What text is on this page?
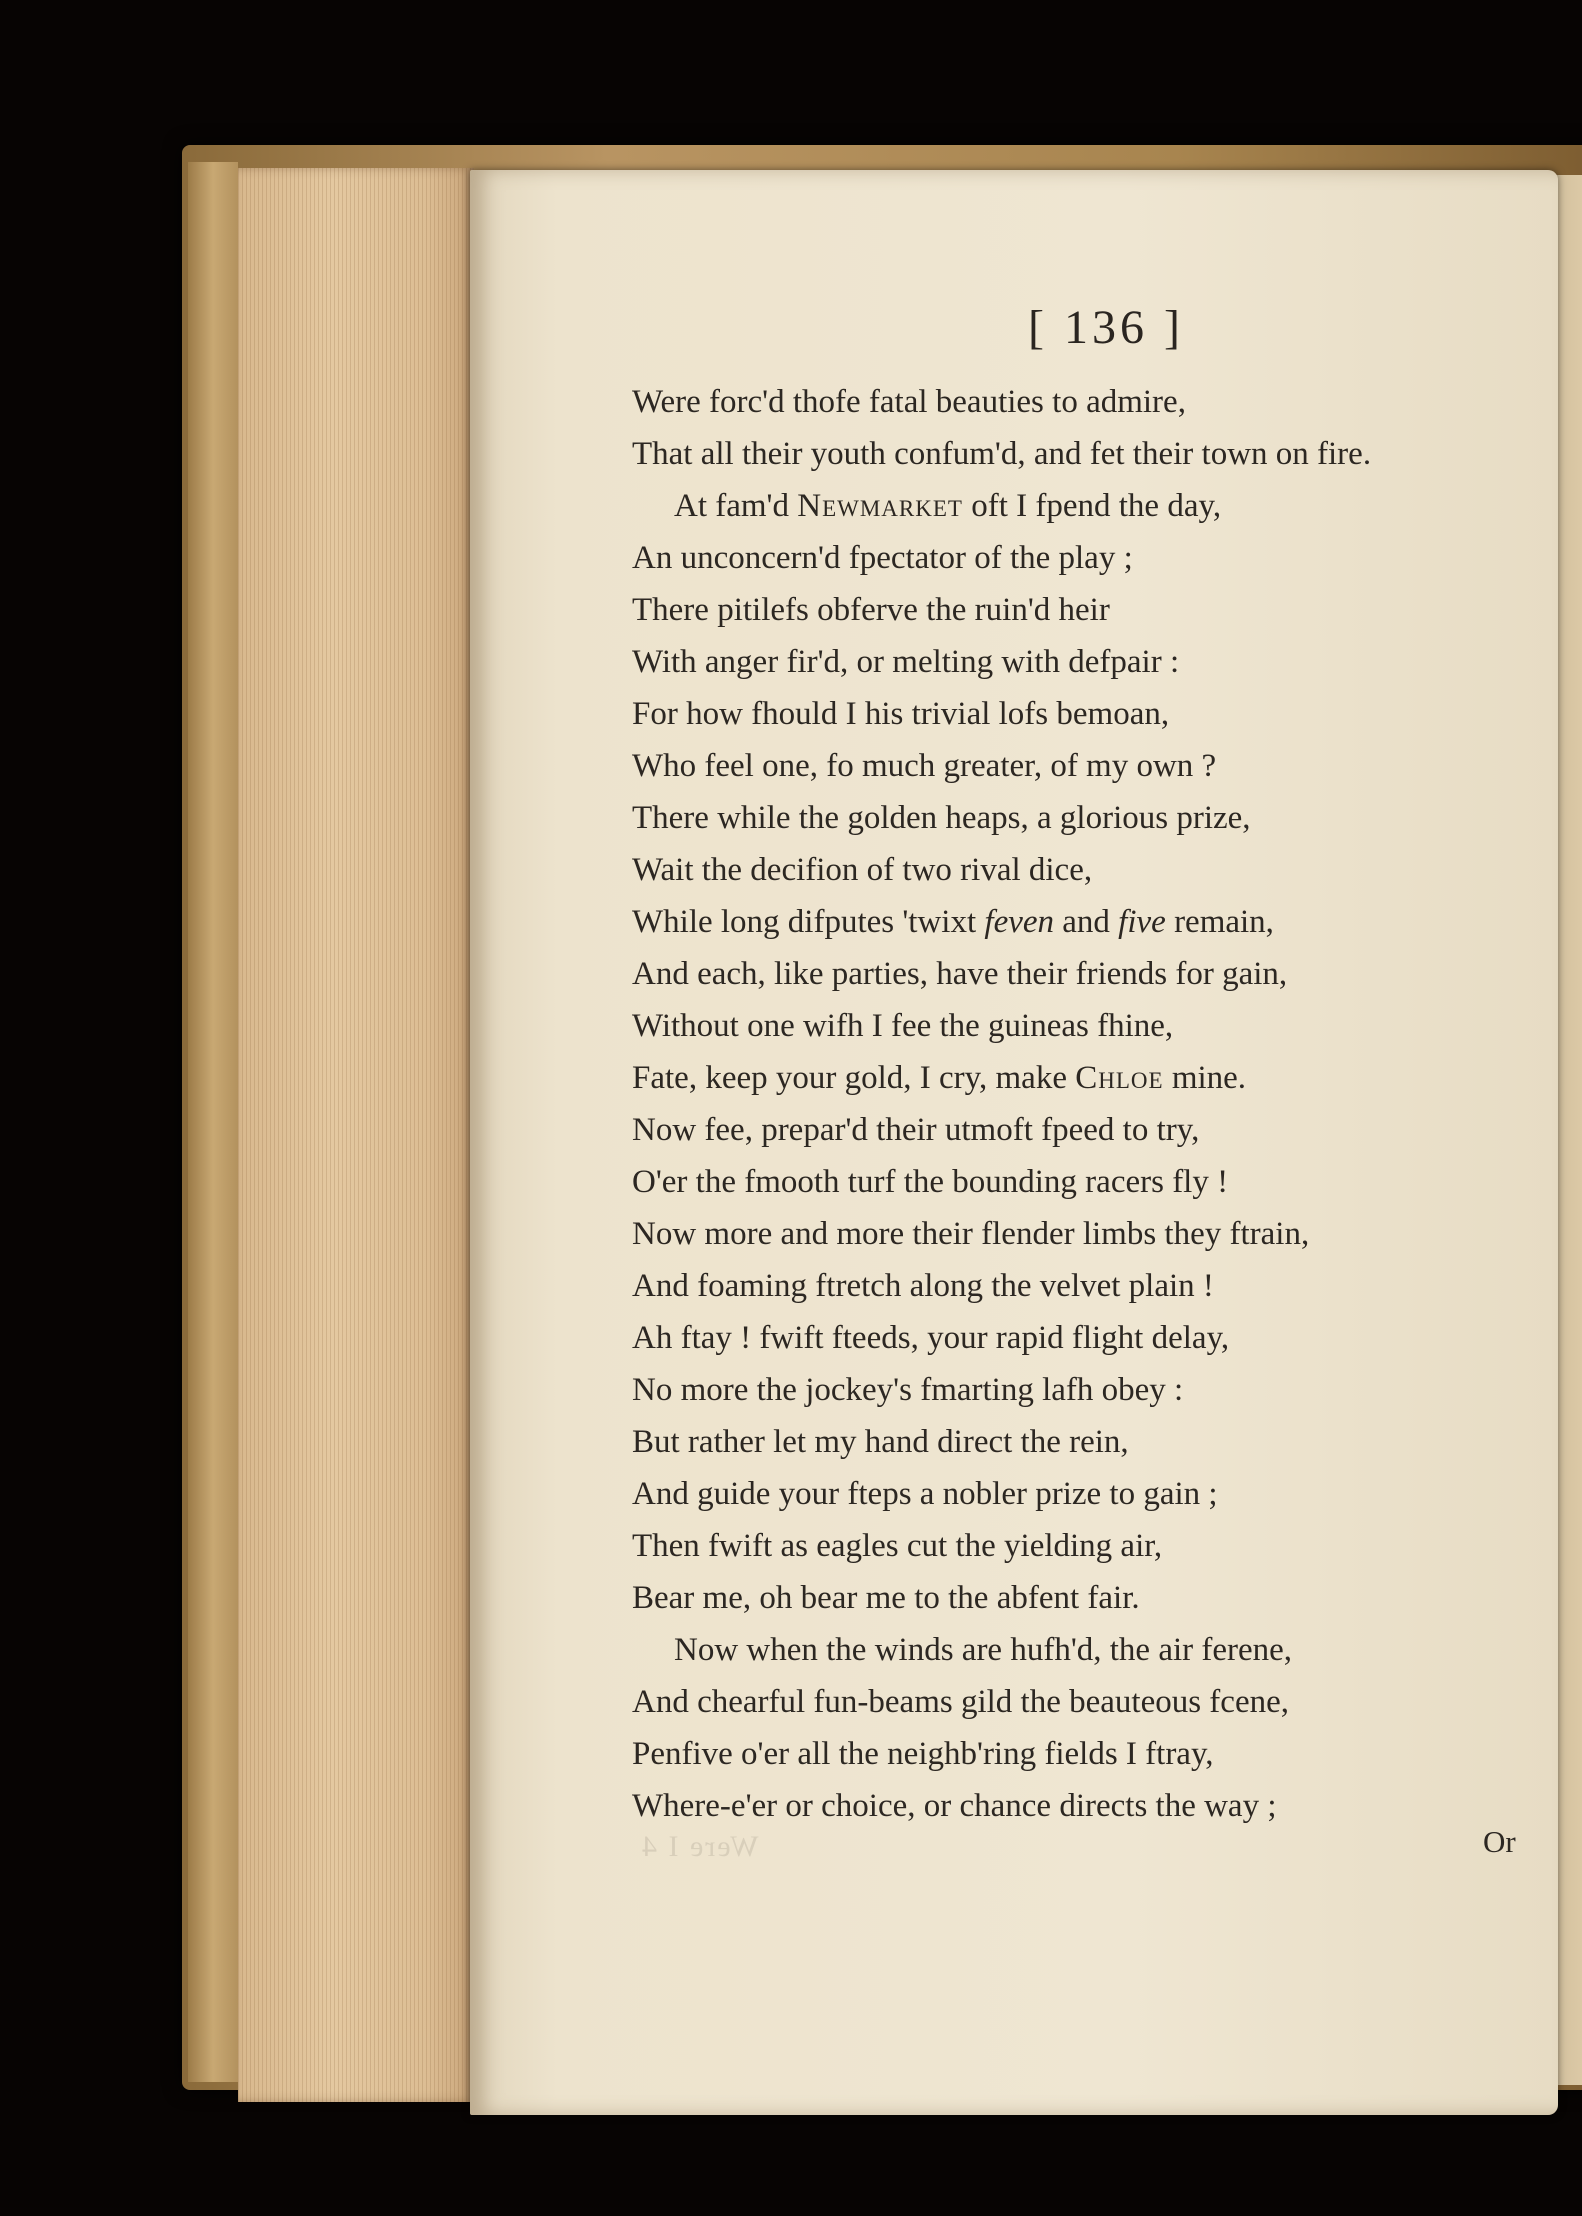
Were I 4
[ 136 ]
Were forc'd thofe fatal beauties to admire,
That all their youth confum'd, and fet their town on fire.
At fam'd Newmarket oft I fpend the day,
An unconcern'd fpectator of the play ;
There pitilefs obferve the ruin'd heir
With anger fir'd, or melting with defpair :
For how fhould I his trivial lofs bemoan,
Who feel one, fo much greater, of my own ?
There while the golden heaps, a glorious prize,
Wait the decifion of two rival dice,
While long difputes 'twixt feven and five remain,
And each, like parties, have their friends for gain,
Without one wifh I fee the guineas fhine,
Fate, keep your gold, I cry, make Chloe mine.
Now fee, prepar'd their utmoft fpeed to try,
O'er the fmooth turf the bounding racers fly !
Now more and more their flender limbs they ftrain,
And foaming ftretch along the velvet plain !
Ah ftay ! fwift fteeds, your rapid flight delay,
No more the jockey's fmarting lafh obey :
But rather let my hand direct the rein,
And guide your fteps a nobler prize to gain ;
Then fwift as eagles cut the yielding air,
Bear me, oh bear me to the abfent fair.
Now when the winds are hufh'd, the air ferene,
And chearful fun-beams gild the beauteous fcene,
Penfive o'er all the neighb'ring fields I ftray,
Where-e'er or choice, or chance directs the way ;
Or
